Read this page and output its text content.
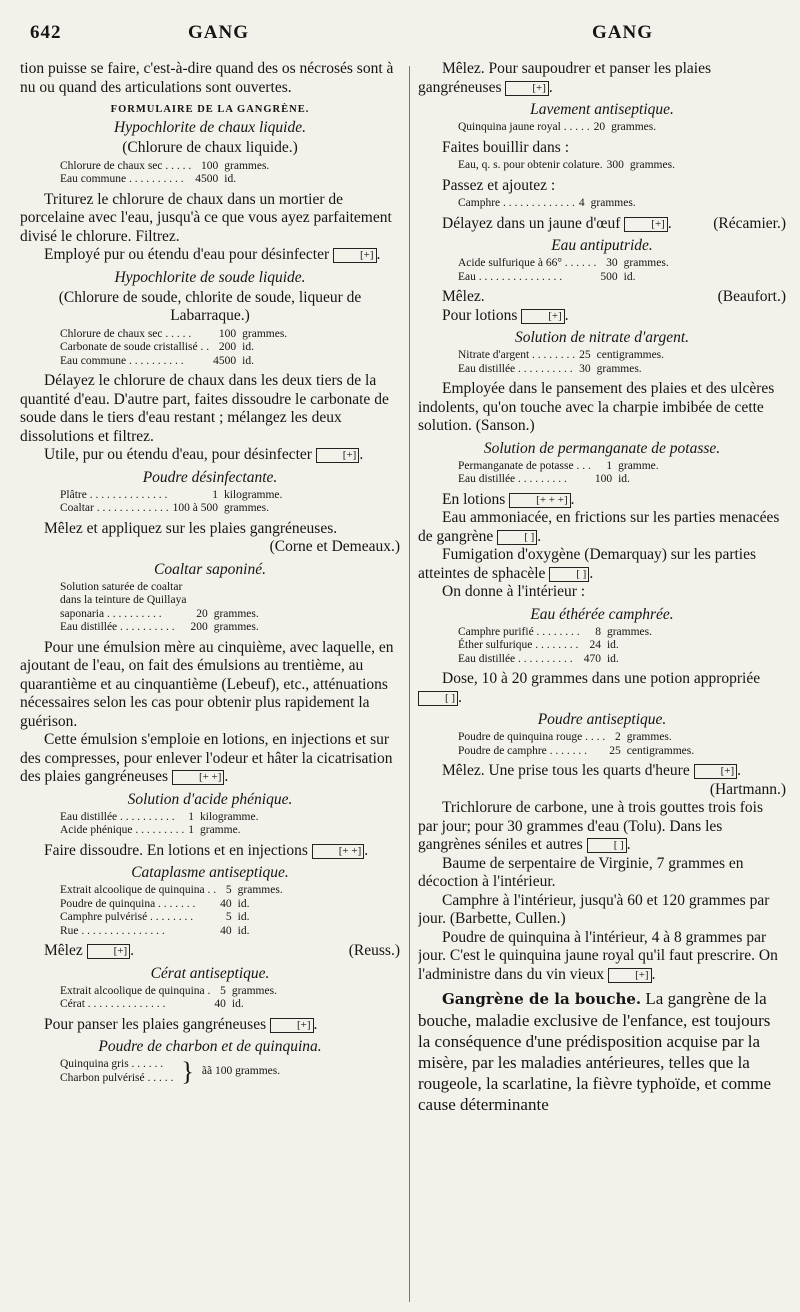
642	GANG	GANG

tion puisse se faire, c'est-à-dire quand des os nécrosés sont à nu ou quand des articulations sont ouvertes.

FORMULAIRE DE LA GANGRÈNE.
Hypochlorite de chaux liquide.

(Chlorure de chaux liquide.)

Chlorure de chaux sec . . . . .	100	grammes.
Eau commune . . . . . . . . . .	4500	id.

Triturez le chlorure de chaux dans un mortier de porcelaine avec l'eau, jusqu'à ce que vous ayez parfaitement divisé le chlorure. Filtrez.

Employé pur ou étendu d'eau pour désinfecter	[+] .

Hypochlorite de soude liquide.

(Chlorure de soude, chlorite de soude, liqueur de Labarraque.)

Chlorure de chaux sec . . . . .	100	grammes.
Carbonate de soude cristallisé . .	200	id.
Eau commune . . . . . . . . . .	4500	id.

Délayez le chlorure de chaux dans les deux tiers de la quantité d'eau. D'autre part, faites dissoudre le carbonate de soude dans le tiers d'eau restant ; mélangez les deux dissolutions et filtrez.

Utile, pur ou étendu d'eau, pour désinfecter	[+] .

Poudre désinfectante.
Plâtre . . . . . . . . . . . . . .	1	kilogramme.
Coaltar . . . . . . . . . . . . .	100 à 500	grammes.

Mêlez et appliquez sur les plaies gangréneuses.

(Corne et Demeaux.)

Coaltar saponiné.
Solution saturée de coaltar		
dans la teinture de Quillaya		
saponaria . . . . . . . . . .	20	grammes.
Eau distillée . . . . . . . . . .	200	grammes.

Pour une émulsion mère au cinquième, avec laquelle, en ajoutant de l'eau, on fait des émulsions au trentième, au quarantième et au cinquantième (Lebeuf), etc., atténuations nécessaires selon les cas pour obtenir plus rapidement la guérison.

Cette émulsion s'emploie en lotions, en injections et sur des compresses, pour enlever l'odeur et hâter la cicatrisation des plaies gangréneuses	[+ +] .

Solution d'acide phénique.
Eau distillée . . . . . . . . . .	1	kilogramme.
Acide phénique . . . . . . . . .	1	gramme.

Faire dissoudre. En lotions et en injections	[+ +] .

Cataplasme antiseptique.
Extrait alcoolique de quinquina . .	5	grammes.
Poudre de quinquina . . . . . . .	40	id.
Camphre pulvérisé . . . . . . . .	5	id.
Rue . . . . . . . . . . . . . . .	40	id.

Mêlez	[+] .	(Reuss.)

Cérat antiseptique.
Extrait alcoolique de quinquina .	5	grammes.
Cérat . . . . . . . . . . . . . .	40	id.

Pour panser les plaies gangréneuses	[+] .

Poudre de charbon et de quinquina.
Quinquina gris . . . . . .
Charbon pulvérisé . . . . . } ãã 100 grammes.

Mêlez. Pour saupoudrer et panser les plaies gangréneuses	[+] .

Lavement antiseptique.
Quinquina jaune royal . . . . .	20	grammes.

Faites bouillir dans :

Eau, q. s. pour obtenir colature.	300	grammes.

Passez et ajoutez :

Camphre . . . . . . . . . . . . .	4	grammes.

Délayez dans un jaune d'œuf	[+] .	(Récamier.)

Eau antiputride.
Acide sulfurique à 66° . . . . . .	30	grammes.
Eau . . . . . . . . . . . . . . .	500	id.

Mêlez.	(Beaufort.)

Pour lotions	[+] .

Solution de nitrate d'argent.
Nitrate d'argent . . . . . . . .	25	centigrammes.
Eau distillée . . . . . . . . . .	30	grammes.

Employée dans le pansement des plaies et des ulcères indolents, qu'on touche avec la charpie imbibée de cette solution. (Sanson.)

Solution de permanganate de potasse.
Permanganate de potasse . . .	1	gramme.
Eau distillée . . . . . . . . .	100	id.

En lotions	[+ + +] .

Eau ammoniacée, en frictions sur les parties menacées de gangrène	[ ] .

Fumigation d'oxygène (Demarquay) sur les parties atteintes de sphacèle	[ ] .

On donne à l'intérieur :

Eau éthérée camphrée.
Camphre purifié . . . . . . . .	8	grammes.
Éther sulfurique . . . . . . . .	24	id.
Eau distillée . . . . . . . . . .	470	id.

Dose, 10 à 20 grammes dans une potion appropriée [ ] .

Poudre antiseptique.
Poudre de quinquina rouge . . . .	2	grammes.
Poudre de camphre . . . . . . .	25	centigrammes.

Mêlez. Une prise tous les quarts d'heure	[+] .

(Hartmann.)

Trichlorure de carbone, une à trois gouttes trois fois par jour; pour 30 grammes d'eau (Tolu). Dans les gangrènes séniles et autres	[ ] .

Baume de serpentaire de Virginie, 7 grammes en décoction à l'intérieur.

Camphre à l'intérieur, jusqu'à 60 et 120 grammes par jour. (Barbette, Cullen.)

Poudre de quinquina à l'intérieur, 4 à 8 grammes par jour. C'est le quinquina jaune royal qu'il faut prescrire. On l'administre dans du vin vieux	[+] .

Gangrène de la bouche. La gangrène de la bouche, maladie exclusive de l'enfance, est toujours la conséquence d'une prédisposition acquise par la misère, par les maladies antérieures, telles que la rougeole, la scarlatine, la fièvre typhoïde, et comme cause déterminante
